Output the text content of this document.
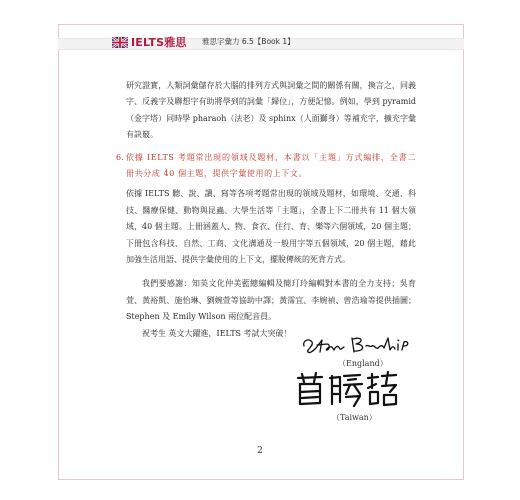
IELTS雅思 雅思字彙力 6.5【Book 1】

研究證實，人類詞彙儲存於大腦的排列方式與詞彙之間的關係有關，換言之，同義字、反義字及聯想字有助將學到的詞彙「歸位」，方便記憶。例如，學到 pyramid（金字塔）同時學 pharaoh（法老）及 sphinx（人面獅身）等補充字，擴充字彙有訣竅。

6. 依據 IELTS 考題常出現的領域及題材，本書以「主題」方式編排，全書二冊共分成 40 個主題，提供字彙使用的上下文。

依據 IELTS 聽、說、讀、寫等各項考題常出現的領域及題材，如環境、交通、科技、醫療保健、動物與昆蟲、大學生活等「主題」，全書上下二冊共有 11 個大領域，40 個主題。上冊涵蓋人、物、食衣、住行、育、樂等六個領域，20 個主題；下冊包含科技、自然、工商、文化溝通及一般用字等五個領域，20 個主題，藉此加強生活用語、提供字彙使用的上下文，擺脫傳統的死背方式。

我們要感謝：知英文化仲美藍總編輯及簡玎玲編輯對本書的全力支持；吳育萱、黃裕凱、施怡琳、劉婉萱等協助中譯；黃霈宜、李婉禎、曾浩瑜等提供插圖；Stephen 及 Emily Wilson 兩位配音員。

祝考生 英文大躍進，IELTS 考試大突破！

（England）
（Taiwan）
2
